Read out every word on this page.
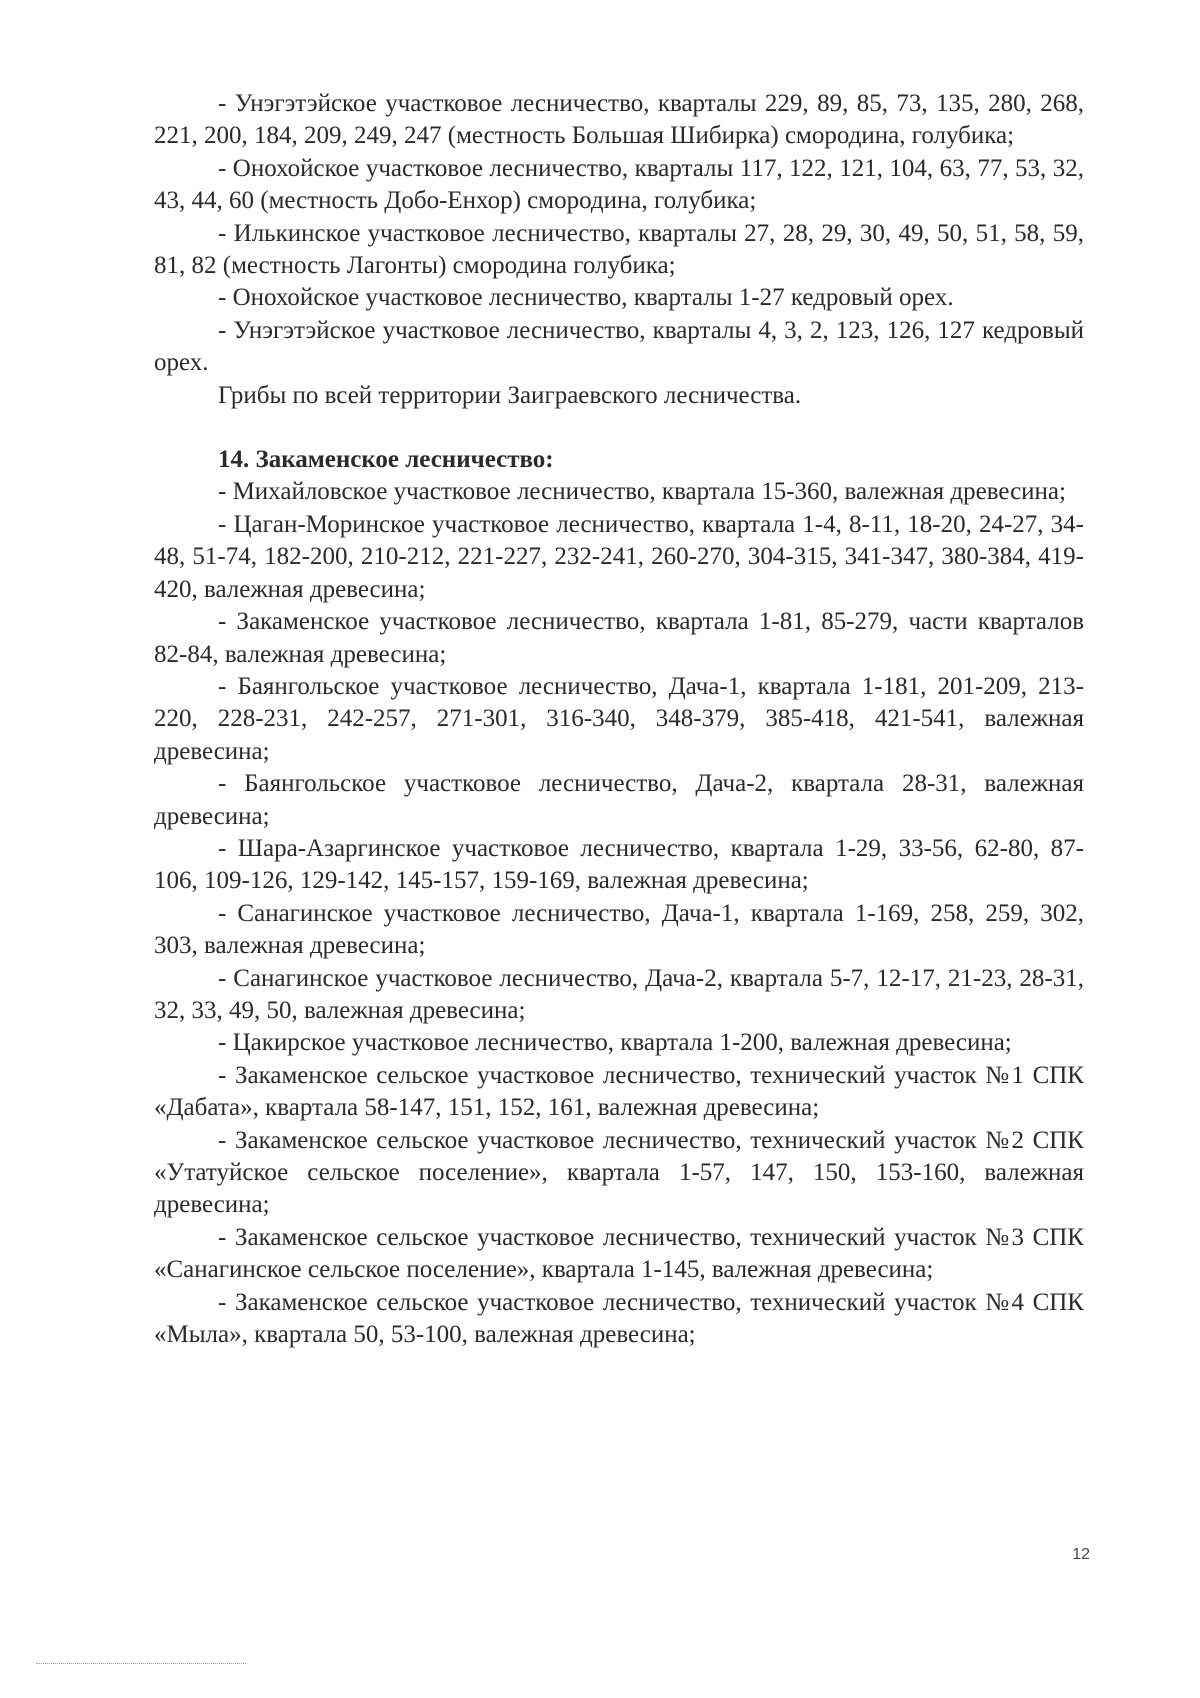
- Унэгэтэйское участковое лесничество, кварталы 229, 89, 85, 73, 135, 280, 268, 221, 200, 184, 209, 249, 247 (местность Большая Шибирка) смородина, голубика;

- Онохойское участковое лесничество, кварталы 117, 122, 121, 104, 63, 77, 53, 32, 43, 44, 60 (местность Добо-Енхор) смородина, голубика;

- Илькинское участковое лесничество, кварталы 27, 28, 29, 30, 49, 50, 51, 58, 59, 81, 82 (местность Лагонты) смородина голубика;

- Онохойское участковое лесничество, кварталы 1-27 кедровый орех.

- Унэгэтэйское участковое лесничество, кварталы 4, 3, 2, 123, 126, 127 кедровый орех.

Грибы по всей территории Заиграевского лесничества.

14. Закаменское лесничество:

- Михайловское участковое лесничество, квартала 15-360, валежная древесина;

- Цаган-Моринское участковое лесничество, квартала 1-4, 8-11, 18-20, 24-27, 34-48, 51-74, 182-200, 210-212, 221-227, 232-241, 260-270, 304-315, 341-347, 380-384, 419-420, валежная древесина;

- Закаменское участковое лесничество, квартала 1-81, 85-279, части кварталов 82-84, валежная древесина;

- Баянгольское участковое лесничество, Дача-1, квартала 1-181, 201-209, 213-220, 228-231, 242-257, 271-301, 316-340, 348-379, 385-418, 421-541, валежная древесина;

- Баянгольское участковое лесничество, Дача-2, квартала 28-31, валежная древесина;

- Шара-Азаргинское участковое лесничество, квартала 1-29, 33-56, 62-80, 87-106, 109-126, 129-142, 145-157, 159-169, валежная древесина;

- Санагинское участковое лесничество, Дача-1, квартала 1-169, 258, 259, 302, 303, валежная древесина;

- Санагинское участковое лесничество, Дача-2, квартала 5-7, 12-17, 21-23, 28-31, 32, 33, 49, 50, валежная древесина;

- Цакирское участковое лесничество, квартала 1-200, валежная древесина;

- Закаменское сельское участковое лесничество, технический участок №1 СПК «Дабата», квартала 58-147, 151, 152, 161, валежная древесина;

- Закаменское сельское участковое лесничество, технический участок №2 СПК «Утатуйское сельское поселение», квартала 1-57, 147, 150, 153-160, валежная древесина;

- Закаменское сельское участковое лесничество, технический участок №3 СПК «Санагинское сельское поселение», квартала 1-145, валежная древесина;

- Закаменское сельское участковое лесничество, технический участок №4 СПК «Мыла», квартала 50, 53-100, валежная древесина;

12
